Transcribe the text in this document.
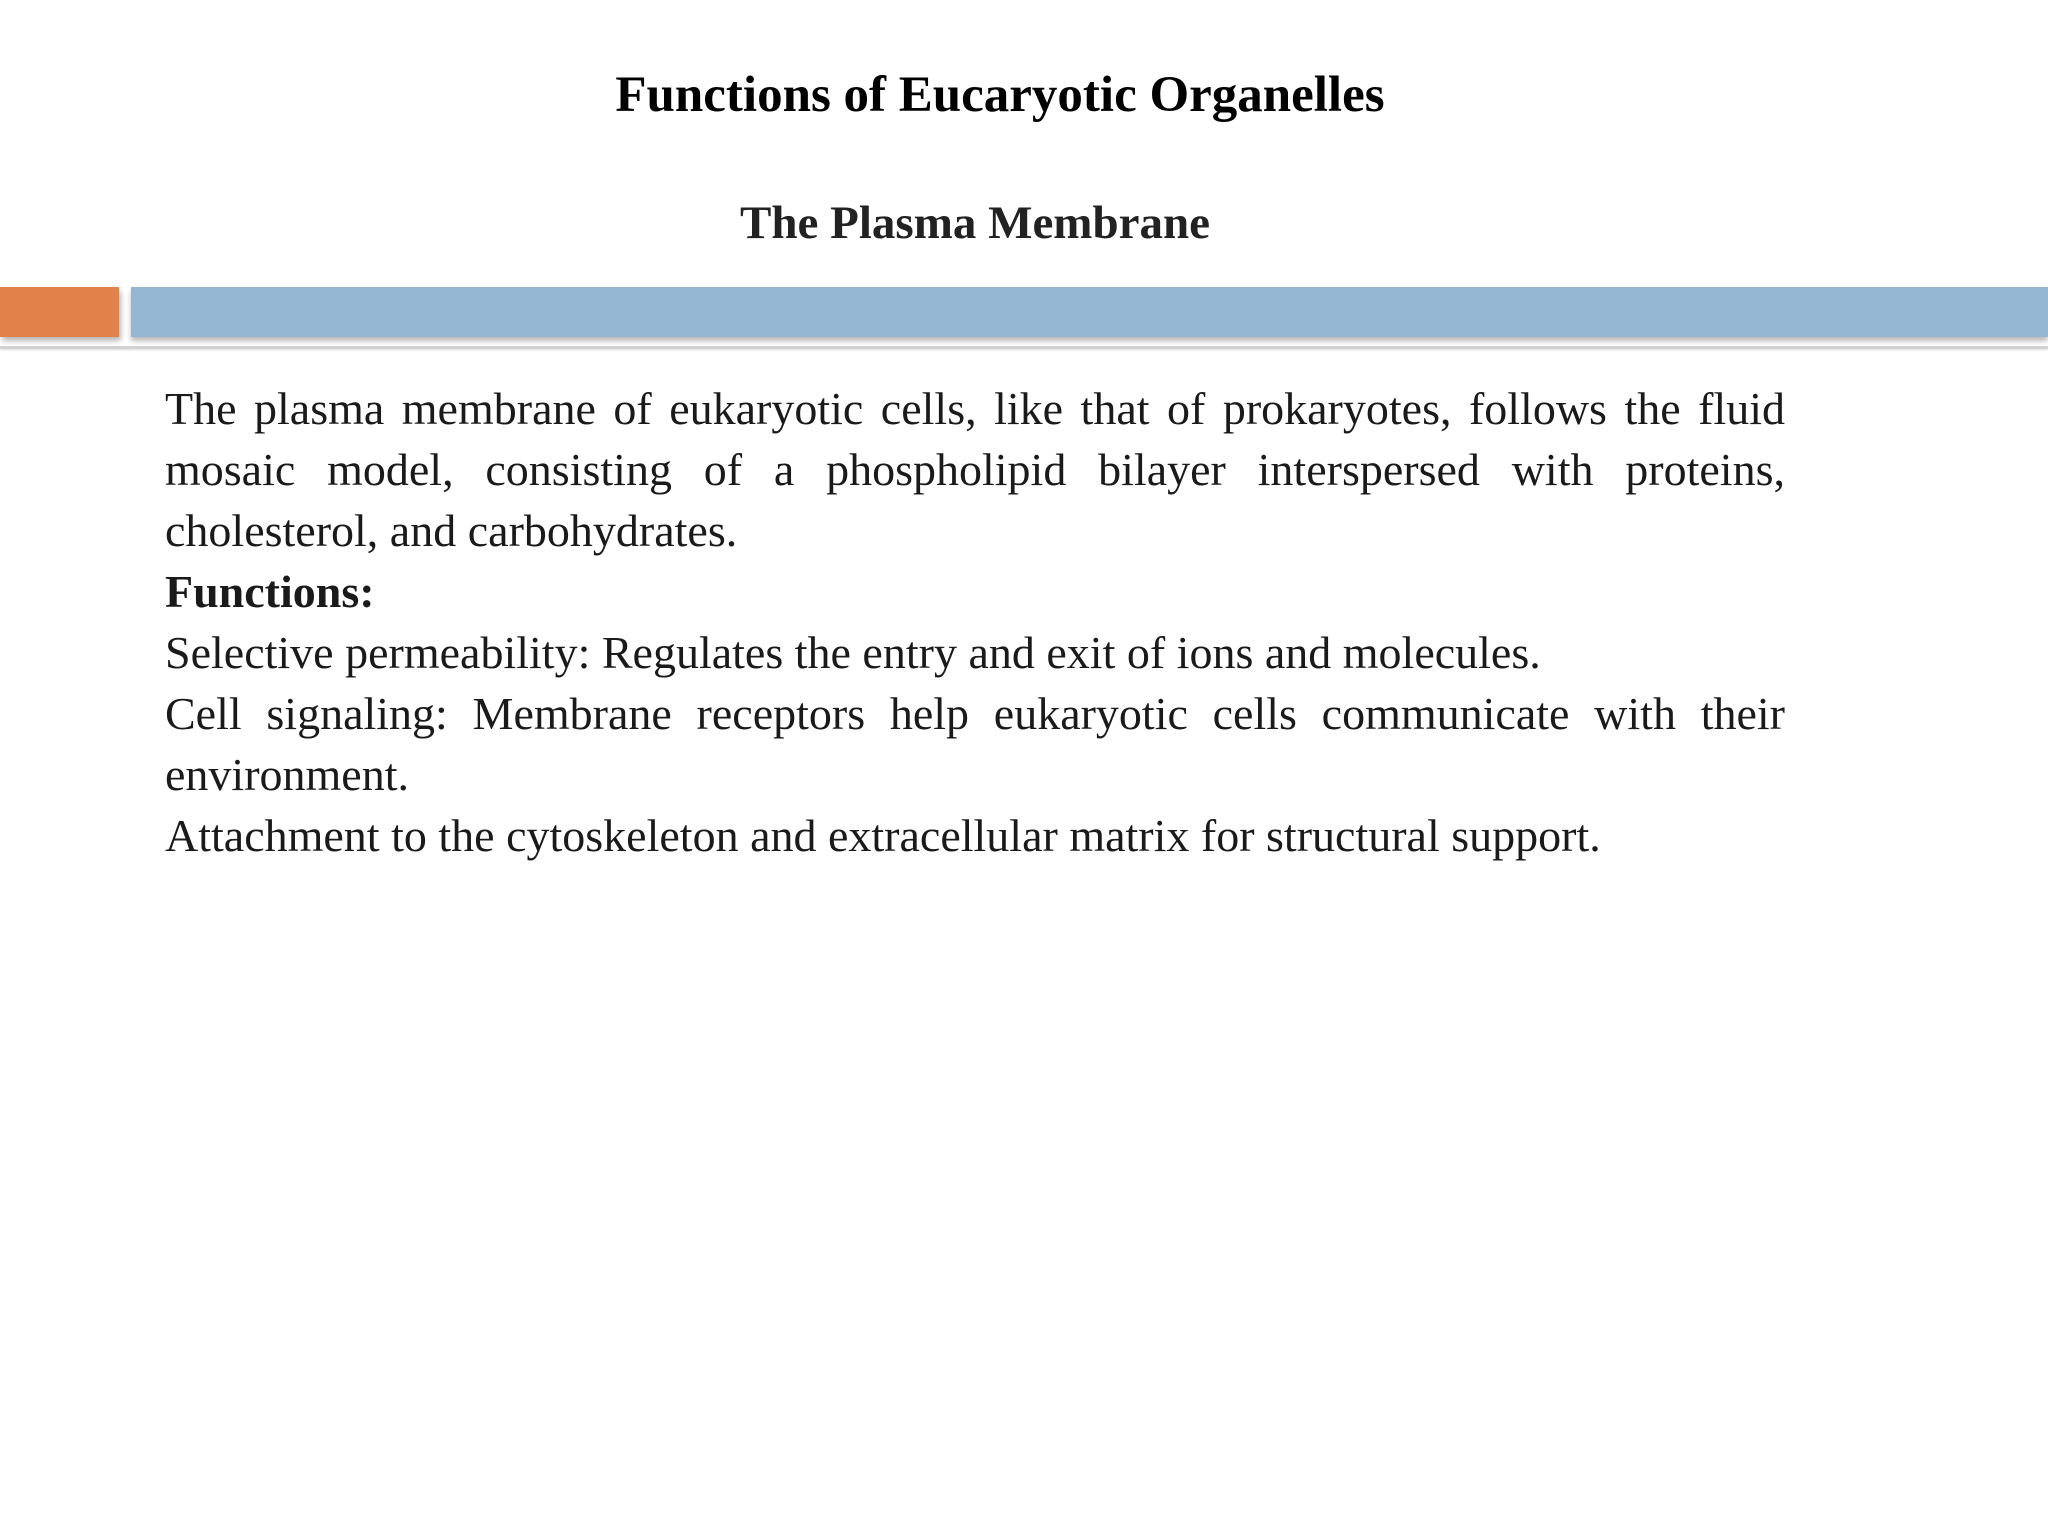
Functions of Eucaryotic Organelles
The Plasma Membrane

The plasma membrane of eukaryotic cells, like that of prokaryotes, follows the fluid mosaic model, consisting of a phospholipid bilayer interspersed with proteins, cholesterol, and carbohydrates.

Functions:

Selective permeability: Regulates the entry and exit of ions and molecules.

Cell signaling: Membrane receptors help eukaryotic cells communicate with their environment.

Attachment to the cytoskeleton and extracellular matrix for structural support.
